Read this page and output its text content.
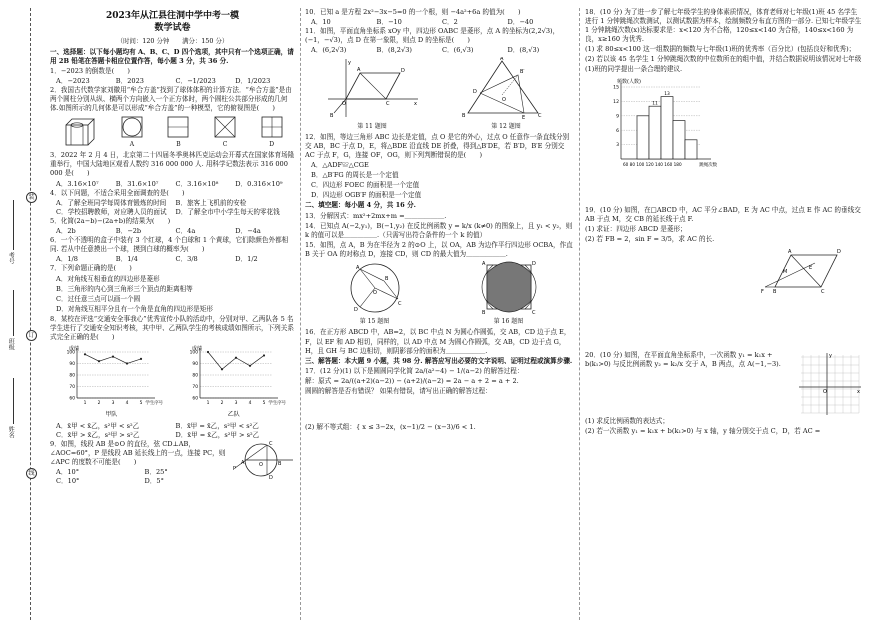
装
订
线
考号
班级
姓名
2023年从江县往洞中学中考一模
数学试卷
（时间：120 分钟　　满分：150 分）

一、选择题：以下每小题均有 A、B、C、D 四个选项，其中只有一个选项正确，请用 2B 铅笔在答题卡相应位置作答，每小题 3 分，共 36 分.

1．−2023 的倒数是(　　)

A．−2023	B．2023	C．−1/2023	D．1/2023

2．我国古代数学家刘徽用“牟合方盖”找到了球体体积的计算方法．“牟合方盖”是由两个圆柱分别从纵、横两个方向嵌入一个正方体时，两个圆柱公共部分形成的几何体.如图所示的几何体是可以形成“牟合方盖”的一种模型，它的俯视图是(　　)

A	B	C	D

3．2022 年 2 月 4 日，北京第二十四届冬季奥林匹克运动会开幕式在国家体育场隆重举行，中国大陆地区观看人数约 316 000 000 人. 用科学记数法表示 316 000 000 是(　　)

A．3.16×10⁷	B．31.6×10⁷	C．3.16×10⁸	D．0.316×10⁹

4．以下问题，不适合采用全面调查的是(　　)

A．了解全班同学每周体育锻炼的时间	B．旅客上飞机前的安检
C．学校招聘教师，对应聘人员的面试	D．了解全市中小学生每天的零花钱

5．化简(2a−b)−(2a+b)的结果为(　　)

A．2b	B．−2b	C．4a	D．−4a

6．一个不透明的盒子中装有 3 个红球，4 个白球和 1 个黄球，它们除颜色外都相同. 若从中任意摸出一个球，摸到白球的概率为(　　)

A．1/8	B．1/4	C．3/8	D．1/2

7．下列命题正确的是(　　)

A．对角线互相垂直的四边形是菱形

B．三角形的内心到三角形三个顶点的距离相等

C．过任意三点可以画一个圆

D．对角线互相平分且有一个角是直角的四边形是矩形

8．某校在评选“交通安全事我心”优秀宣传小队的活动中，分别对甲、乙两队各 5 名学生进行了交通安全知识考核，其中甲、乙两队学生的考核成绩如图所示，下列关系式完全正确的是(　　)

成绩
100
90
80
70
60
1	2	3	4	5 学生序号
甲队
成绩
100
90
80
70
60
1	2	3	4	5 学生序号
乙队
A．x̄甲 < x̄乙，s²甲 < s²乙	B．x̄甲 = x̄乙，s²甲 < s²乙
C．x̄甲 > x̄乙，s²甲 > s²乙	D．x̄甲 = x̄乙，s²甲 > s²乙

9．如图，线段 AB 是⊙O 的直径，弦 CD⊥AB，∠AOC=60°，P 是线段 AB 延长线上的一点，连接 PC，则∠APC 的度数不可能是(　　)

A．10°	B．25°
C．10°	D．5°
C
D
O
P
A	B

10．已知 a 是方程 2x²−3x−5=0 的一个根，则 −4a²+6a 的值为(　　)

A．10	B．−10	C．2	D．−40

11．如图，平面直角坐标系 xOy 中，四边形 OABC 是菱形，点 A 的坐标为(2,2√3)，(−1，−√3)，点 D 在第一象限，则点 D 的坐标是(　　)

A．(6,2√3)	B．(8,2√3)	C．(6,√3)	D．(8,√3)
O
A	D
C
B
y
x
第 11 题图
A
B	C
B′
D
E
O
第 12 题图

12．如图，等边三角形 ABC 边长是定值，点 O 是它的外心，过点 O 任意作一条直线分别交 AB，BC 于点 D，E，将△BDE 沿直线 DE 折叠，得到△B′DE，若 B′D，B′E 分别交 AC 于点 F，G，连接 OF，OG，则下列判断错误的是(　　)

A．△ADF≌△CGE

B．△B′FG 的周长是一个定值

C．四边形 FOEC 的面积是一个定值

D．四边形 OGB′F 的面积是一个定值

二、填空题：每小题 4 分，共 16 分.

13．分解因式：mx²+2mx+m =＿＿＿＿＿＿.

14．已知点 A(−2,y₁)，B(−1,y₂) 在反比例函数 y = k/x (k≠0) 的图象上，且 y₁ < y₂，则 k 的值可以是＿＿＿＿＿.（只需写出符合条件的一个 k 的值）

15．如图，点 A，B 为在半径为 2 的⊙O 上，以 OA，AB 为边作平行四边形 OCBA，作直 B 关于 OA 的对称点 D，连接 CD，则 CD 的最大值为＿＿＿＿＿＿.

O
A
B
C
D
第 15 题图
A	D
B	C
第 16 题图

16．在正方形 ABCD 中，AB=2，以 BC 中点 N 为圆心作圆弧，交 AB，CD 边于点 E，F，以 EF 和 AD 相切，同样的，以 AD 中点 M 为圆心作圆弧，交 AB，CD 边于点 G，H，且 GH 与 BC 边相切，则阴影部分的面积为＿＿＿＿＿＿.

三、解答题：本大题 9 小题，共 98 分. 解答应写出必要的文字说明、证明过程或演算步骤.

17．(12 分)(1) 以下是圆圆同学化简 2a/(a²−4) − 1/(a−2) 的解答过程：

解：原式 = 2a/((a+2)(a−2)) − (a+2)/(a−2) = 2a − a + 2 = a + 2.

圆圆的解答是否有错误？ 如果有错误，请写出正确的解答过程：

(2) 解不等式组：{ x ≤ 3−2x，(x−1)/2 − (x−3)/6 < 1.

18．(10 分) 为了进一步了解七年级学生的身体素质情况，体育老师对七年级(1)班 45 名学生进行 1 分钟跳绳次数测试，以测试数据为样本，绘制频数分布直方图的一部分. 已知七年级学生 1 分钟跳绳次数(x)达标要求是：x<120 为不合格，120≤x<140 为合格，140≤x<160 为良，x≥160 为优秀.

(1) 求 80≤x<100 这一组数据的频数与七年级(1)班的优秀率（百分比）(包括良好和优秀)；

(2) 若以该 45 名学生 1 分钟跳绳次数的中位数所在的组中值，并结合数据说明该情况对七年级(1)班的同学提出一条合理的建议.

频数(人数)
15
12
9
6
3
11
13
60 80 100 120 140 160 180	跳绳次数

19．(10 分) 如图，在□ABCD 中，AC 平分∠BAD，E 为 AC 中点，过点 E 作 AC 的垂线交 AB 于点 M，交 CB 的延长线于点 F.

(1) 求证：四边形 ABCD 是菱形；

(2) 若 FB = 2，sin F = 3/5，求 AC 的长.

A	D
C
B
F
M
E

20．(10 分) 如图，在平面直角坐标系中，一次函数 y₁ = k₁x + b(k₁>0) 与反比例函数 y₂ = k₂/x 交于 A，B 两点，点 A(−1,−3).

O	x
y

(1) 求反比例函数的表达式；

(2) 若一次函数 y₁ = k₁x + b(k₁>0) 与 x 轴，y 轴分别交于点 C，D，若 AC =
